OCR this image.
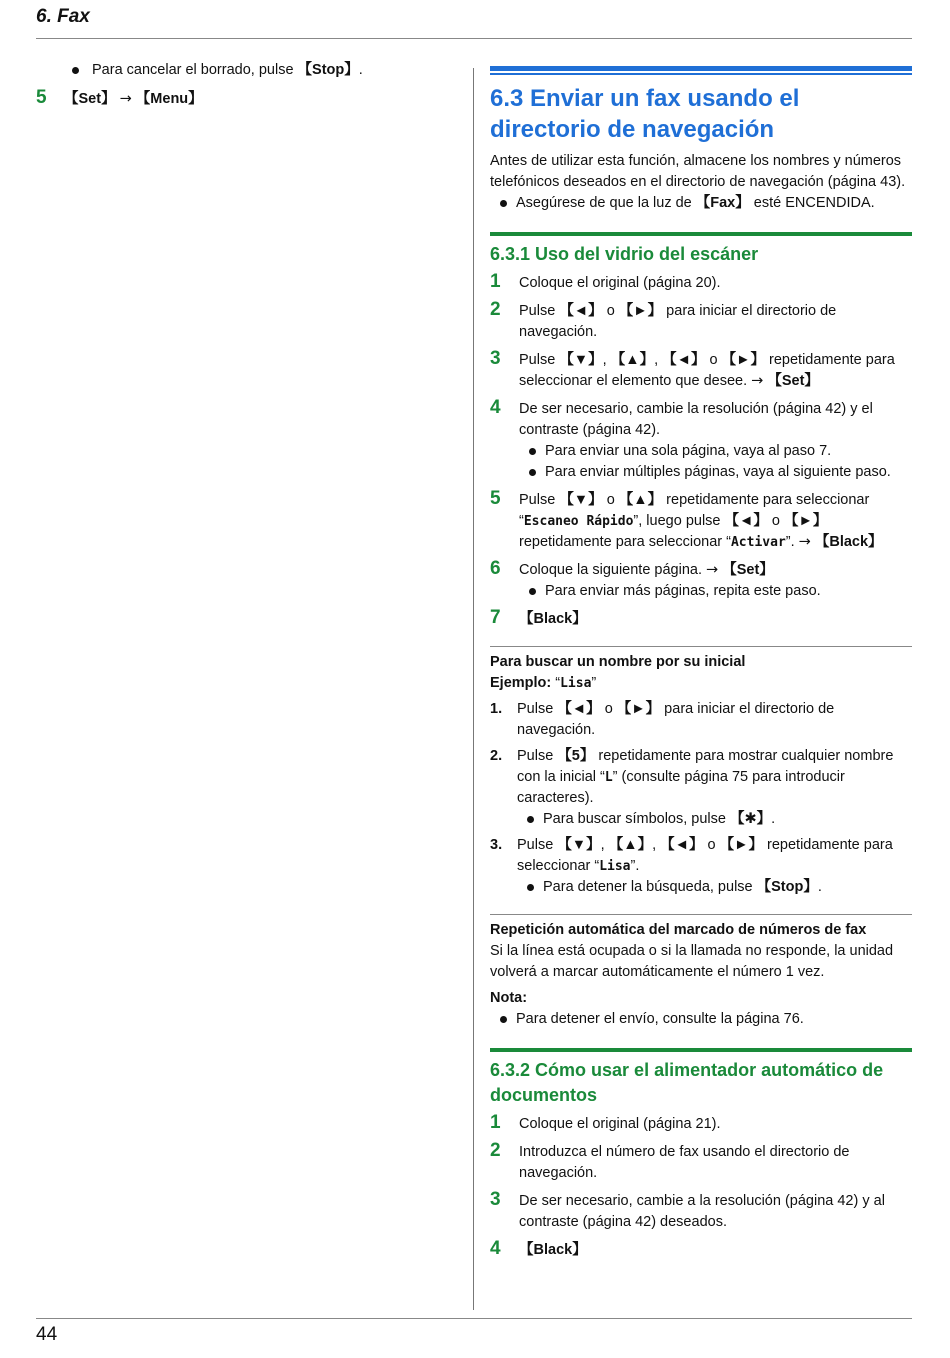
6. Fax

Para cancelar el borrado, pulse 【Stop】.

5 【Set】 → 【Menu】	6.3 Enviar un fax usando el directorio de navegación

Antes de utilizar esta función, almacene los nombres y números telefónicos deseados en el directorio de navegación (página 43).

Asegúrese de que la luz de 【Fax】 esté ENCENDIDA.

6.3.1 Uso del vidrio del escáner
1 Coloque el original (página 20).
2 Pulse 【◄】 o 【►】 para iniciar el directorio de navegación.
3 Pulse 【▼】, 【▲】, 【◄】 o 【►】 repetidamente para seleccionar el elemento que desee. → 【Set】
4 De ser necesario, cambie la resolución (página 42) y el contraste (página 42).

Para enviar una sola página, vaya al paso 7.

Para enviar múltiples páginas, vaya al siguiente paso.

5 Pulse 【▼】 o 【▲】 repetidamente para seleccionar “Escaneo Rápido”, luego pulse 【◄】 o 【►】 repetidamente para seleccionar “Activar”. → 【Black】
6 Coloque la siguiente página. → 【Set】

Para enviar más páginas, repita este paso.

7 【Black】
Para buscar un nombre por su inicial
Ejemplo: “Lisa”
1. Pulse 【◄】 o 【►】 para iniciar el directorio de navegación.
2. Pulse 【5】 repetidamente para mostrar cualquier nombre con la inicial “L” (consulte página 75 para introducir caracteres).

Para buscar símbolos, pulse 【✱】.

3. Pulse 【▼】, 【▲】, 【◄】 o 【►】 repetidamente para seleccionar “Lisa”.

Para detener la búsqueda, pulse 【Stop】.

Repetición automática del marcado de números de fax
Si la línea está ocupada o si la llamada no responde, la unidad volverá a marcar automáticamente el número 1 vez.
Nota:

Para detener el envío, consulte la página 76.

6.3.2 Cómo usar el alimentador automático de documentos
1 Coloque el original (página 21).
2 Introduzca el número de fax usando el directorio de navegación.
3 De ser necesario, cambie a la resolución (página 42) y al contraste (página 42) deseados.
4 【Black】
44
